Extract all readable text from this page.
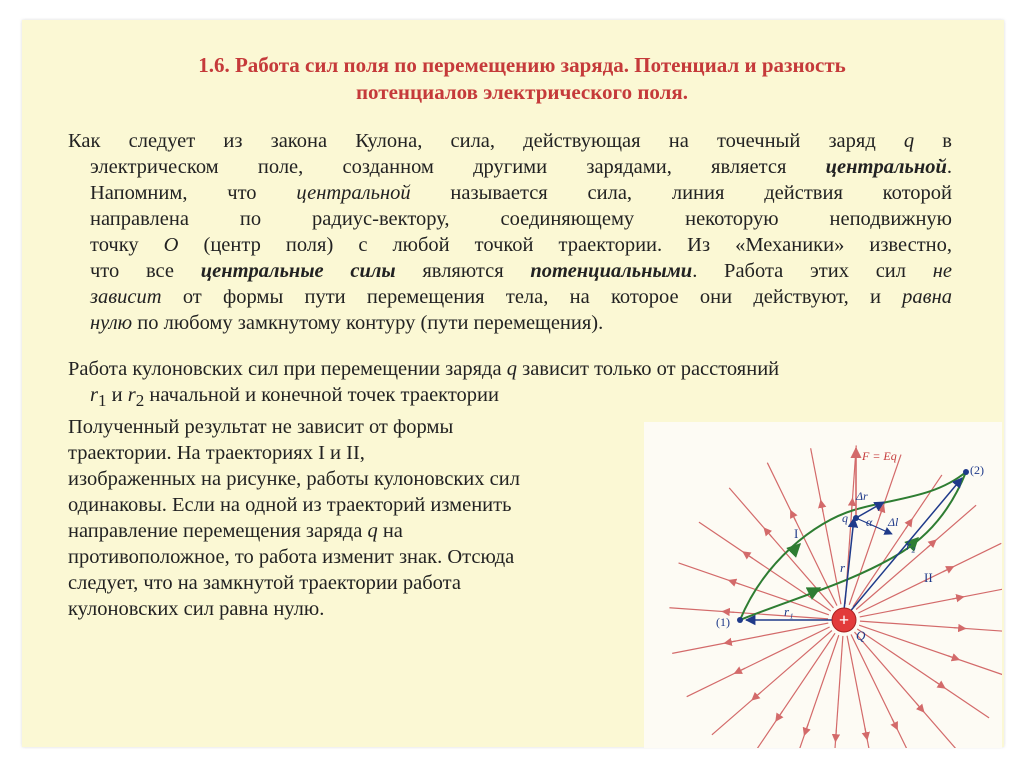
1.6. Работа сил поля по перемещению заряда. Потенциал и разность
потенциалов электрического поля.
Как следует из закона Кулона, сила, действующая на точечный заряд q в
электрическом поле, созданном другими зарядами, является центральной.
Напомним, что центральной называется сила, линия действия которой
направлена по радиус-вектору, соединяющему некоторую неподвижную
точку O (центр поля) с любой точкой траектории. Из «Механики» известно,
что все центральные силы являются потенциальными. Работа этих сил не
зависит от формы пути перемещения тела, на которое они действуют, и равна
нулю по любому замкнутому контуру (пути перемещения).
Работа кулоновских сил при перемещении заряда q зависит только от расстояний
$r_1$ и $r_2$ начальной и конечной точек траектории
Полученный результат не зависит от формы
траектории. На траекториях I и II,
изображенных на рисунке, работы кулоновских сил
одинаковы. Если на одной из траекторий изменить
направление перемещения заряда q на
противоположное, то работа изменит знак. Отсюда
следует, что на замкнутой траектории работа
кулоновских сил равна нулю.	+
F = Eq
(1)
(2)
I
II
Q
r
r₁
r₂
Δr
Δl
q α
